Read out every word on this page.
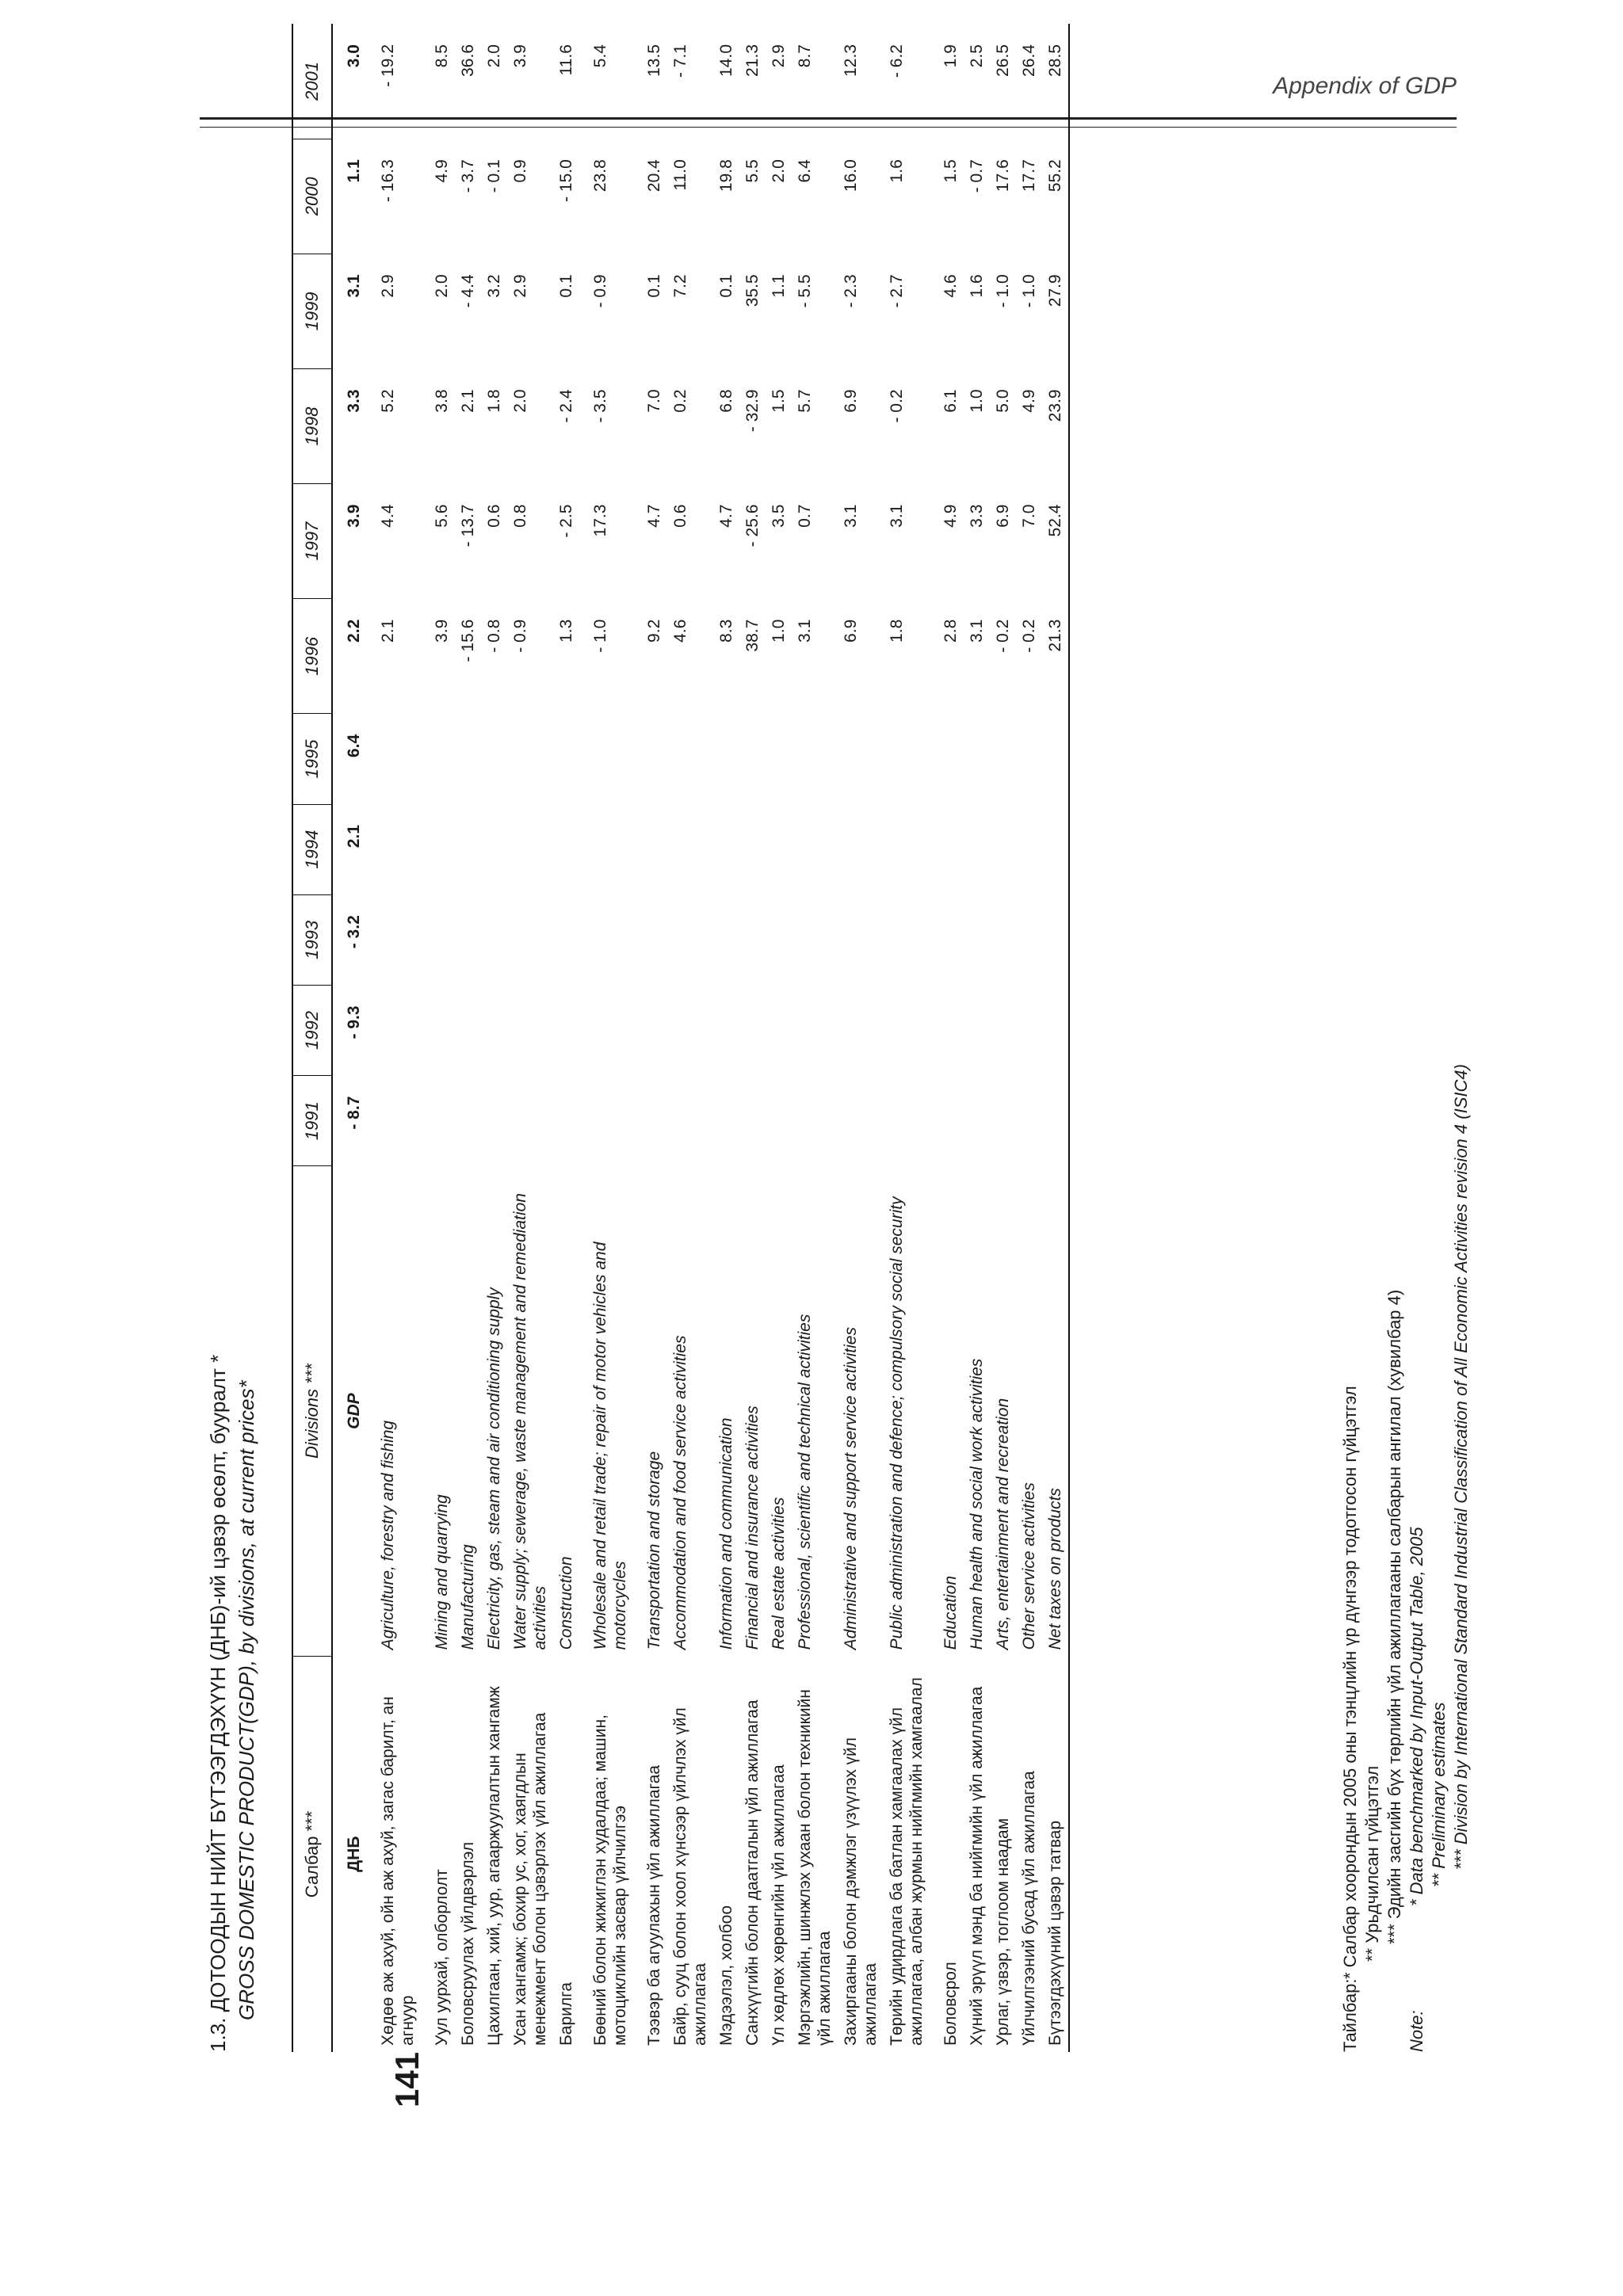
Appendix of GDP
141
1.3. ДОТООДЫН НИЙТ БҮТЭЭГДЭХҮҮН (ДНБ)-ий цэвэр өсөлт, бууралт * GROSS DOMESTIC PRODUCT(GDP), by divisions, at current prices*	Салбар ***	Divisions ***	1991	1992	1993	1994	1995	1996	1997	1998	1999	2000	2001
ДНБ	GDP	- 8.7	- 9.3	- 3.2	2.1	6.4	2.2	3.9	3.3	3.1	1.1	3.0
Хөдөө аж ахуй, ойн аж ахуй, загас барилт, ан агнуур	Agriculture, forestry and fishing						2.1	4.4	5.2	2.9	- 16.3	- 19.2
Уул уурхай, олборлолт	Mining and quarrying						3.9	5.6	3.8	2.0	4.9	8.5
Боловсруулах үйлдвэрлэл	Manufacturing						- 15.6	- 13.7	2.1	- 4.4	- 3.7	36.6
Цахилгаан, хий, уур, агааржуулалтын хангамж	Electricity, gas, steam and air conditioning supply						- 0.8	0.6	1.8	3.2	- 0.1	2.0
Усан хангамж; бохир ус, хог, хаягдлын менежмент болон цэвэрлэх үйл ажиллагаа	Water supply; sewerage, waste management and remediation activities						- 0.9	0.8	2.0	2.9	0.9	3.9
Барилга	Construction						1.3	- 2.5	- 2.4	0.1	- 15.0	11.6
Бөөний болон жижиглэн худалдаа; машин, мотоциклийн засвар үйлчилгээ	Wholesale and retail trade; repair of motor vehicles and motorcycles						- 1.0	17.3	- 3.5	- 0.9	23.8	5.4
Тээвэр ба агуулахын үйл ажиллагаа	Transportation and storage						9.2	4.7	7.0	0.1	20.4	13.5
Байр, сууц болон хоол хүнсээр үйлчлэх үйл ажиллагаа	Accommodation and food service activities						4.6	0.6	0.2	7.2	11.0	- 7.1
Мэдээлэл, холбоо	Information and communication						8.3	4.7	6.8	0.1	19.8	14.0
Санхүүгийн болон даатгалын үйл ажиллагаа	Financial and insurance activities						38.7	- 25.6	- 32.9	35.5	5.5	21.3
Үл хөдлөх хөрөнгийн үйл ажиллагаа	Real estate activities						1.0	3.5	1.5	1.1	2.0	2.9
Мэргэжлийн, шинжлэх ухаан болон техникийн үйл ажиллагаа	Professional, scientific and technical activities						3.1	0.7	5.7	- 5.5	6.4	8.7
Захиргааны болон дэмжлэг үзүүлэх үйл ажиллагаа	Administrative and support service activities						6.9	3.1	6.9	- 2.3	16.0	12.3
Төрийн удирдлага ба батлан хамгаалах үйл ажиллагаа, албан журмын нийгмийн хамгаалал	Public administration and defence; compulsory social security						1.8	3.1	- 0.2	- 2.7	1.6	- 6.2
Боловсрол	Education						2.8	4.9	6.1	4.6	1.5	1.9
Хүний эрүүл мэнд ба нийгмийн үйл ажиллагаа	Human health and social work activities						3.1	3.3	1.0	1.6	- 0.7	2.5
Урлаг, үзвэр, тоглоом наадам	Arts, entertainment and recreation						- 0.2	6.9	5.0	- 1.0	17.6	26.5
Үйлчилгээний бусад үйл ажиллагаа	Other service activities						- 0.2	7.0	4.9	- 1.0	17.7	26.4
Бүтээгдэхүүний цэвэр татвар	Net taxes on products						21.3	52.4	23.9	27.9	55.2	28.5
Тайлбар:
* Салбар хоорондын 2005 оны тэнцлийн үр дүнгээр тодотгосон гүйцэтгэл ** Урьдчилсан гүйцэтгэл *** Эдийн засгийн бүх төрлийн үйл ажиллагааны салбарын ангилал (хувилбар 4)
Note:
* Data benchmarked by Input-Output Table, 2005 ** Preliminary estimates *** Division by International Standard Industrial Classification of All Economic Activities revision 4 (ISIC4)
